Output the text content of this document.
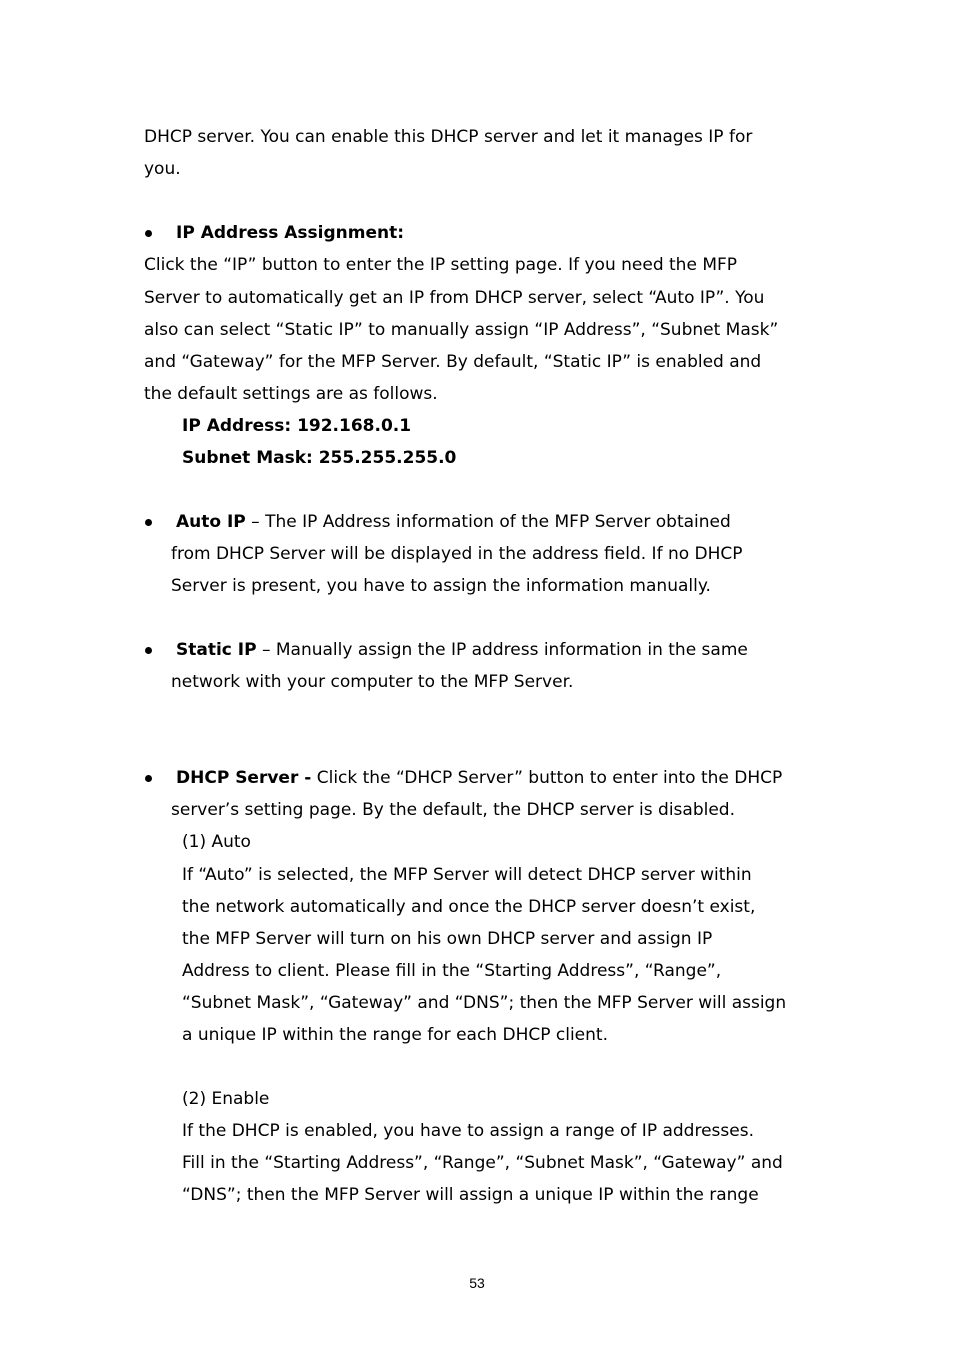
DHCP server. You can enable this DHCP server and let it manages IP for
you.
IP Address Assignment:
Click the “IP” button to enter the IP setting page. If you need the MFP
Server to automatically get an IP from DHCP server, select “Auto IP”. You
also can select “Static IP” to manually assign “IP Address”, “Subnet Mask”
and “Gateway” for the MFP Server. By default, “Static IP” is enabled and
the default settings are as follows.
IP Address: 192.168.0.1
Subnet Mask: 255.255.255.0
Auto IP – The IP Address information of the MFP Server obtained
from DHCP Server will be displayed in the address field. If no DHCP
Server is present, you have to assign the information manually.
Static IP – Manually assign the IP address information in the same
network with your computer to the MFP Server.
DHCP Server - Click the “DHCP Server” button to enter into the DHCP
server’s setting page. By the default, the DHCP server is disabled.
(1) Auto
If “Auto” is selected, the MFP Server will detect DHCP server within
the network automatically and once the DHCP server doesn’t exist,
the MFP Server will turn on his own DHCP server and assign IP
Address to client. Please fill in the “Starting Address”, “Range”,
“Subnet Mask”, “Gateway” and “DNS”; then the MFP Server will assign
a unique IP within the range for each DHCP client.
(2) Enable
If the DHCP is enabled, you have to assign a range of IP addresses.
Fill in the “Starting Address”, “Range”, “Subnet Mask”, “Gateway” and
“DNS”; then the MFP Server will assign a unique IP within the range
53
